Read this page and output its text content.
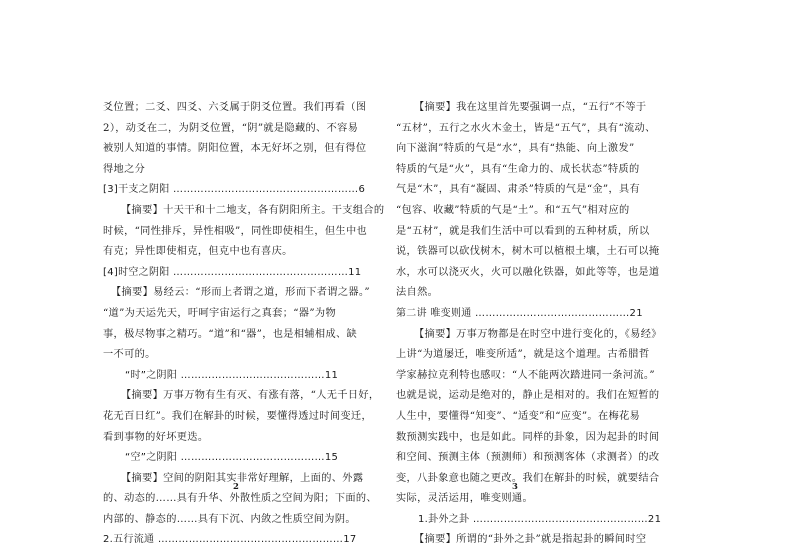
爻位置；二爻、四爻、六爻属于阴爻位置。我们再看（图
2），动爻在二，为阴爻位置，“阴”就是隐藏的、不容易
被别人知道的事情。阴阳位置，本无好坏之别，但有得位
得地之分
[3]干支之阴阳 ………………………………………………6
【摘要】十天干和十二地支，各有阴阳所主。干支组合的
时候，“同性排斥，异性相吸”，同性即使相生，但生中也
有克；异性即使相克，但克中也有喜庆。
[4]时空之阴阳 ……………………………………………11
【摘要】易经云：“形而上者谓之道，形而下者谓之器。”
“道”为天运先天，吁呵宇宙运行之真套；“器”为物
事，极尽物事之精巧。“道”和“器”，也是相辅相成、缺
一不可的。
“时”之阴阳 ……………………………………11
【摘要】万事万物有生有灭、有涨有落，“人无千日好，
花无百日红”。我们在解卦的时候，要懂得透过时间变迁，
看到事物的好坏更迭。
“空”之阴阳 ……………………………………15
【摘要】空间的阴阳其实非常好理解，上面的、外露
的、动态的……具有升华、外散性质之空间为阳；下面的、
内部的、静态的……具有下沉、内敛之性质空间为阴。
2.五行流通 ………………………………………………17
【摘要】我在这里首先要强调一点，“五行”不等于
“五材”，五行之水火木金土，皆是“五气”，具有“流动、
向下滋润”特质的气是“水”，具有“热能、向上激发”
特质的气是“火”，具有“生命力的、成长状态”特质的
气是“木”，具有“凝固、肃杀”特质的气是“金”，具有
“包容、收藏”特质的气是“土”。和“五气”相对应的
是“五材”，就是我们生活中可以看到的五种材质，所以
说，铁器可以砍伐树木，树木可以植根土壤，土石可以掩
水，水可以浇灭火，火可以融化铁器，如此等等，也是道
法自然。
第二讲 唯变则通 ………………………………………21
【摘要】万事万物都是在时空中进行变化的，《易经》
上讲“为道屡迁，唯变所适”，就是这个道理。古希腊哲
学家赫拉克利特也感叹：“人不能两次踏进同一条河流。”
也就是说，运动是绝对的，静止是相对的。我们在短暂的
人生中，要懂得“知变”、“适变”和“应变”。在梅花易
数预测实践中，也是如此。同样的卦象，因为起卦的时间
和空间、预测主体（预测师）和预测客体（求测者）的改
变，八卦象意也随之更改。我们在解卦的时候，就要结合
实际，灵活运用，唯变则通。
1.卦外之卦 ……………………………………………21
【摘要】所谓的“卦外之卦”就是指起卦的瞬间时空
2	3
